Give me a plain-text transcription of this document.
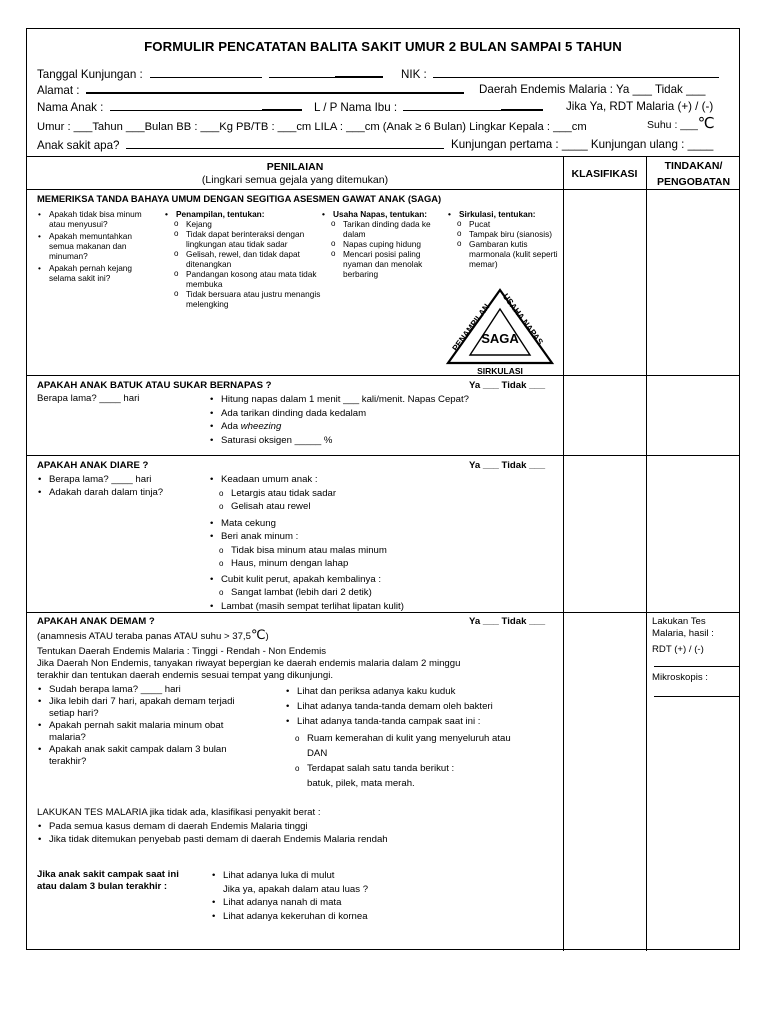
FORMULIR PENCATATAN BALITA SAKIT UMUR 2 BULAN SAMPAI 5 TAHUN
Tanggal Kunjungan :	NIK :
Alamat :	Daerah Endemis Malaria : Ya ___ Tidak ___
Nama Anak :	L / P Nama Ibu :	Jika Ya, RDT Malaria (+) / (-)
Umur : ___Tahun ___Bulan BB : ___Kg PB/TB : ___cm LILA : ___cm (Anak ≥ 6 Bulan) Lingkar Kepala : ___cm	Suhu : ___℃
Anak sakit apa?	Kunjungan pertama : ____ Kunjungan ulang : ____
PENILAIAN
(Lingkari semua gejala yang ditemukan)	KLASIFIKASI
TINDAKAN/
PENGOBATAN
MEMERIKSA TANDA BAHAYA UMUM DENGAN SEGITIGA ASESMEN GAWAT ANAK (SAGA)
• Apakah tidak bisa minum atau menyusui?
• Apakah memuntahkan semua makanan dan minuman?
• Apakah pernah kejang selama sakit ini?
• Penampilan, tentukan:
o Kejang
o Tidak dapat berinteraksi dengan lingkungan atau tidak sadar
o Gelisah, rewel, dan tidak dapat ditenangkan
o Pandangan kosong atau mata tidak membuka
o Tidak bersuara atau justru menangis melengking
• Usaha Napas, tentukan:
o Tarikan dinding dada ke dalam
o Napas cuping hidung
o Mencari posisi paling nyaman dan menolak berbaring
• Sirkulasi, tentukan:
o Pucat
o Tampak biru (sianosis)
o Gambaran kutis marmonala (kulit seperti memar)
SAGA
PENAMPILAN
USAHA NAPAS
SIRKULASI
APAKAH ANAK BATUK ATAU SUKAR BERNAPAS ?	Ya ___ Tidak ___
Berapa lama? ____ hari
•	Hitung napas dalam 1 menit ___ kali/menit. Napas Cepat?
• Ada tarikan dinding dada kedalam
• Ada wheezing
• Saturasi oksigen _____ %
APAKAH ANAK DIARE ?	Ya ___ Tidak ___
• Berapa lama? ____ hari
• Adakah darah dalam tinja?
• Keadaan umum anak :
o Letargis atau tidak sadar
o Gelisah atau rewel
• Mata cekung
• Beri anak minum :
o Tidak bisa minum atau malas minum
o Haus, minum dengan lahap
• Cubit kulit perut, apakah kembalinya :
o Sangat lambat (lebih dari 2 detik)
• Lambat (masih sempat terlihat lipatan kulit)
APAKAH ANAK DEMAM ?	Ya ___ Tidak ___
(anamnesis ATAU teraba panas ATAU suhu > 37,5℃)
Tentukan Daerah Endemis Malaria : Tinggi - Rendah - Non Endemis
Jika Daerah Non Endemis, tanyakan riwayat bepergian ke daerah endemis malaria dalam 2 minggu
terakhir dan tentukan daerah endemis sesuai tempat yang dikunjungi.
• Sudah berapa lama? ____ hari
• Jika lebih dari 7 hari, apakah demam terjadi setiap hari?
• Apakah pernah sakit malaria minum obat malaria?
• Apakah anak sakit campak dalam 3 bulan terakhir?
• Lihat dan periksa adanya kaku kuduk
• Lihat adanya tanda-tanda demam oleh bakteri
• Lihat adanya tanda-tanda campak saat ini :
o Ruam kemerahan di kulit yang menyeluruh atau
DAN
o Terdapat salah satu tanda berikut :
batuk, pilek, mata merah.
LAKUKAN TES MALARIA jika tidak ada, klasifikasi penyakit berat :
• Pada semua kasus demam di daerah Endemis Malaria tinggi
• Jika tidak ditemukan penyebab pasti demam di daerah Endemis Malaria rendah
Jika anak sakit campak saat ini
atau dalam 3 bulan terakhir :
• Lihat adanya luka di mulut
Jika ya, apakah dalam atau luas ?
• Lihat adanya nanah di mata
• Lihat adanya kekeruhan di kornea
Lakukan Tes
Malaria, hasil :
RDT (+) / (-)
Mikroskopis :
